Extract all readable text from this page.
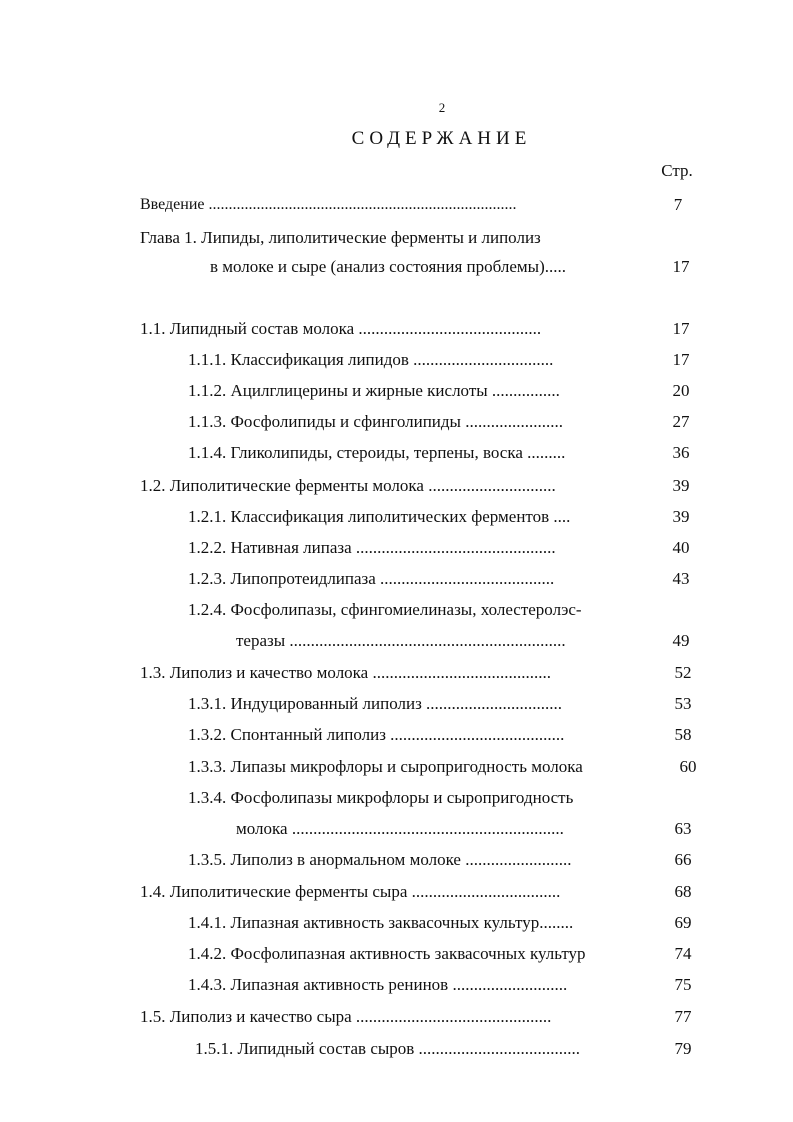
2
СОДЕРЖАНИЕ
Стр.
Введение .............................................................................	7
Глава 1. Липиды, липолитические ферменты и липолиз
в молоке и сыре (анализ состояния проблемы).....	17
1.1. Липидный состав молока ...........................................	17
1.1.1. Классификация липидов .................................	17
1.1.2. Ацилглицерины и жирные кислоты ................	20
1.1.3. Фосфолипиды и сфинголипиды .......................	27
1.1.4. Гликолипиды, стероиды, терпены, воска .........	36
1.2. Липолитические ферменты молока ..............................	39
1.2.1. Классификация липолитических ферментов ....	39
1.2.2. Нативная липаза ...............................................	40
1.2.3. Липопротеидлипаза .........................................	43
1.2.4. Фосфолипазы, сфингомиелиназы, холестеролэс-
теразы .................................................................	49
1.3. Липолиз и качество молока ..........................................	52
1.3.1. Индуцированный липолиз ................................	53
1.3.2. Спонтанный липолиз .........................................	58
1.3.3. Липазы микрофлоры и сыропригодность молока	60
1.3.4. Фосфолипазы микрофлоры и сыропригодность
молока ................................................................	63
1.3.5. Липолиз в анормальном молоке .........................	66
1.4. Липолитические ферменты сыра ...................................	68
1.4.1. Липазная активность заквасочных культур........	69
1.4.2. Фосфолипазная активность заквасочных культур	74
1.4.3. Липазная активность ренинов ...........................	75
1.5. Липолиз и качество сыра ..............................................	77
1.5.1. Липидный состав сыров ......................................	79
